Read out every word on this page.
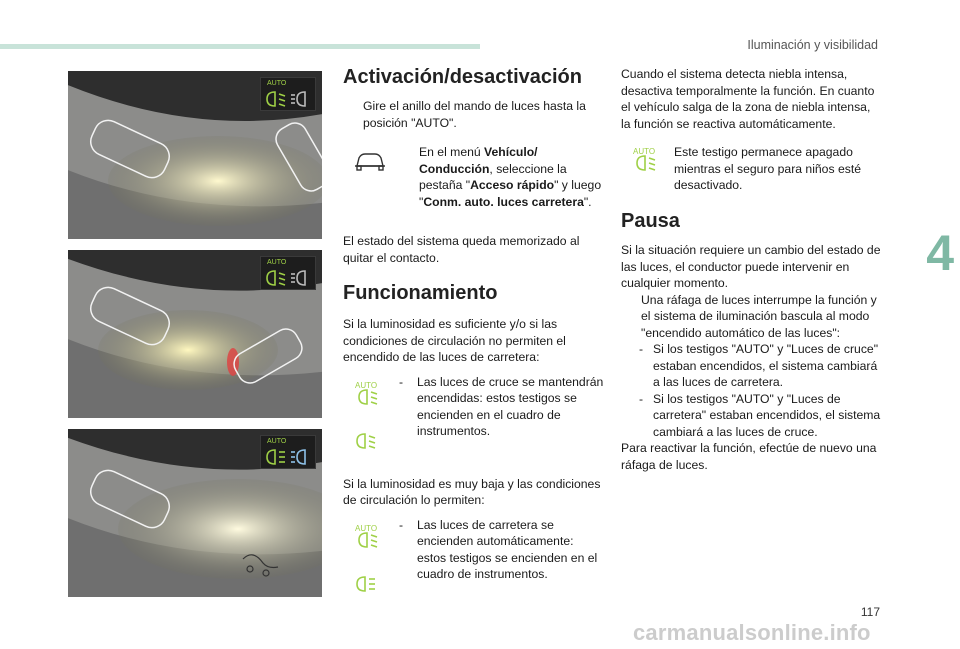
Iluminación y visibilidad
4
AUTO
AUTO
AUTO
Activación/desactivación

Gire el anillo del mando de luces hasta la posición "AUTO".

En el menú Vehículo/ Conducción, seleccione la pestaña "Acceso rápido" y luego "Conm. auto. luces carretera".

El estado del sistema queda memorizado al quitar el contacto.

Funcionamiento

Si la luminosidad es suficiente y/o si las condiciones de circulación no permiten el encendido de las luces de carretera:

AUTO - Las luces de cruce se mantendrán encendidas: estos testigos se encienden en el cuadro de instrumentos.

Si la luminosidad es muy baja y las condiciones de circulación lo permiten:

AUTO - Las luces de carretera se encienden automáticamente: estos testigos se encienden en el cuadro de instrumentos.

Cuando el sistema detecta niebla intensa, desactiva temporalmente la función. En cuanto el vehículo salga de la zona de niebla intensa, la función se reactiva automáticamente.

AUTO Este testigo permanece apagado mientras el seguro para niños esté desactivado.

Pausa

Si la situación requiere un cambio del estado de las luces, el conductor puede intervenir en cualquier momento.

Una ráfaga de luces interrumpe la función y el sistema de iluminación bascula al modo "encendido automático de las luces":

- Si los testigos "AUTO" y "Luces de cruce" estaban encendidos, el sistema cambiará a las luces de carretera.

- Si los testigos "AUTO" y "Luces de carretera" estaban encendidos, el sistema cambiará a las luces de cruce.

Para reactivar la función, efectúe de nuevo una ráfaga de luces.

117
carmanualsonline.info
